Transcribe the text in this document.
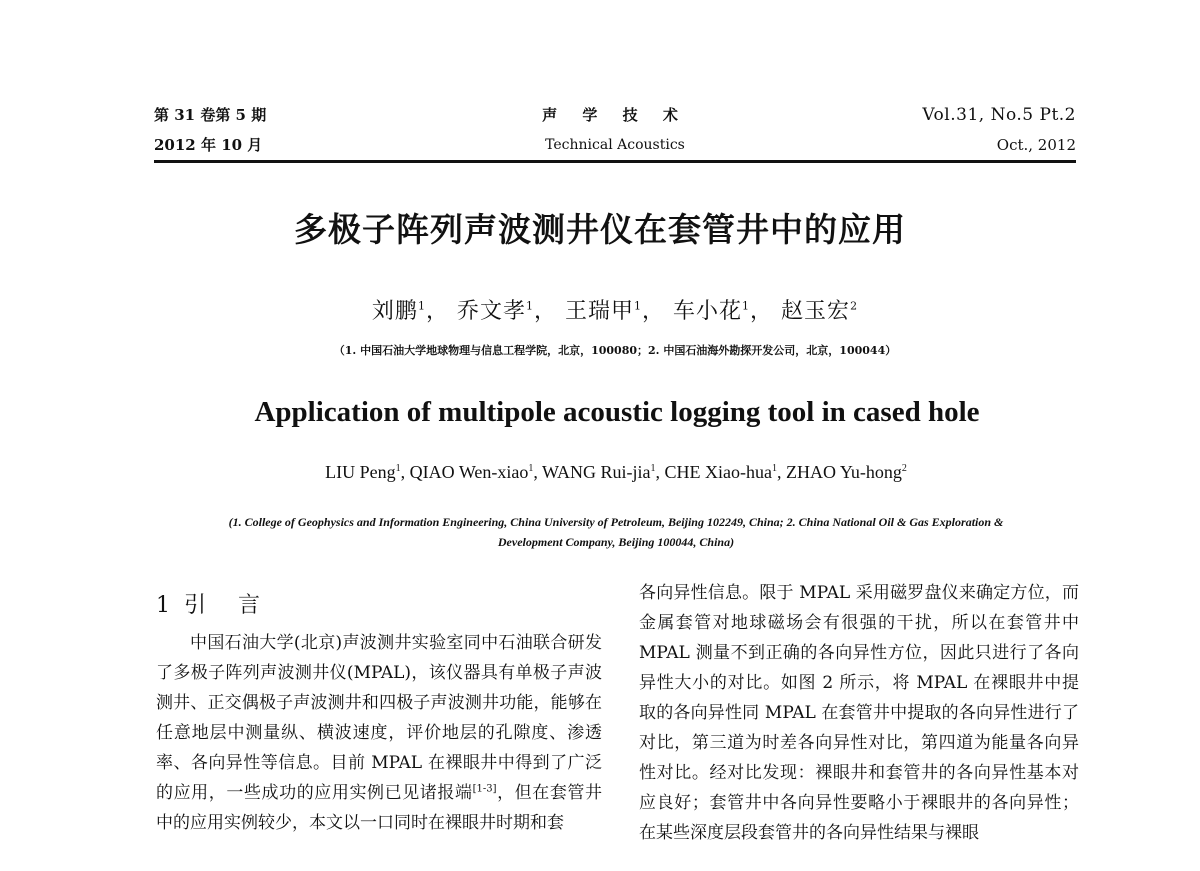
第 31 卷第 5 期
2012 年 10 月
声 学 技 术
Technical Acoustics
Vol.31, No.5 Pt.2
Oct., 2012
多极子阵列声波测井仪在套管井中的应用
刘鹏$^1$， 乔文孝$^1$， 王瑞甲$^1$， 车小花$^1$， 赵玉宏$^2$
（1. 中国石油大学地球物理与信息工程学院，北京，100080；2. 中国石油海外勘探开发公司，北京，100044）
Application of multipole acoustic logging tool in cased hole
LIU Peng$^1$, QIAO Wen-xiao$^1$, WANG Rui-jia$^1$, CHE Xiao-hua$^1$, ZHAO Yu-hong$^2$
(1. College of Geophysics and Information Engineering, China University of Petroleum, Beijing 102249, China; 2. China National Oil & Gas Exploration &
Development Company, Beijing 100044, China)
1 引 言
中国石油大学(北京)声波测井实验室同中石油联合研发了多极子阵列声波测井仪(MPAL)，该仪器具有单极子声波测井、正交偶极子声波测井和四极子声波测井功能，能够在任意地层中测量纵、横波速度，评价地层的孔隙度、渗透率、各向异性等信息。目前 MPAL 在裸眼井中得到了广泛的应用，一些成功的应用实例已见诸报端[1-3]，但在套管井中的应用实例较少，本文以一口同时在裸眼井时期和套
各向异性信息。限于 MPAL 采用磁罗盘仪来确定方位，而金属套管对地球磁场会有很强的干扰，所以在套管井中 MPAL 测量不到正确的各向异性方位，因此只进行了各向异性大小的对比。如图 2 所示，将 MPAL 在裸眼井中提取的各向异性同 MPAL 在套管井中提取的各向异性进行了对比，第三道为时差各向异性对比，第四道为能量各向异性对比。经对比发现：裸眼井和套管井的各向异性基本对应良好；套管井中各向异性要略小于裸眼井的各向异性；在某些深度层段套管井的各向异性结果与裸眼
